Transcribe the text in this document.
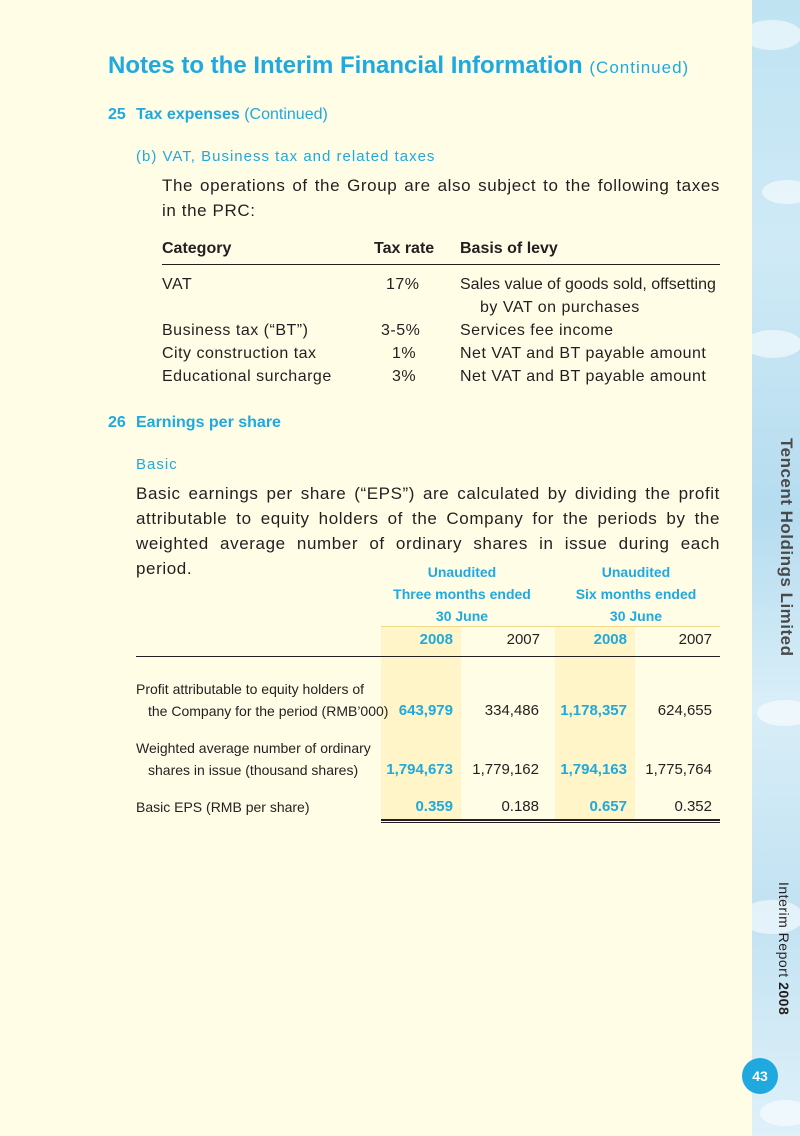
Tencent Holdings Limited
Interim Report 2008
43
Notes to the Interim Financial Information (Continued)
25 Tax expenses (Continued)
(b) VAT, Business tax and related taxes
The operations of the Group are also subject to the following taxes in the PRC:
Category	Tax rate Basis of levy
VAT	17%	Sales value of goods sold, offsetting
by VAT on purchases
Business tax (“BT”)	3-5% Services fee income
City construction tax	1%	Net VAT and BT payable amount
Educational surcharge	3%	Net VAT and BT payable amount
26 Earnings per share
Basic
Basic earnings per share (“EPS”) are calculated by dividing the profit attributable to equity holders of the Company for the periods by the weighted average number of ordinary shares in issue during each period.	Unaudited
Three months ended
30 June
Unaudited
Six months ended
30 June
2008	2007	2008	2007
Profit attributable to equity holders of
the Company for the period (RMB’000) 643,979	334,486	1,178,357	624,655
Weighted average number of ordinary
shares in issue (thousand shares)	1,794,673	1,779,162	1,794,163	1,775,764
Basic EPS (RMB per share)	0.359	0.188	0.657	0.352
